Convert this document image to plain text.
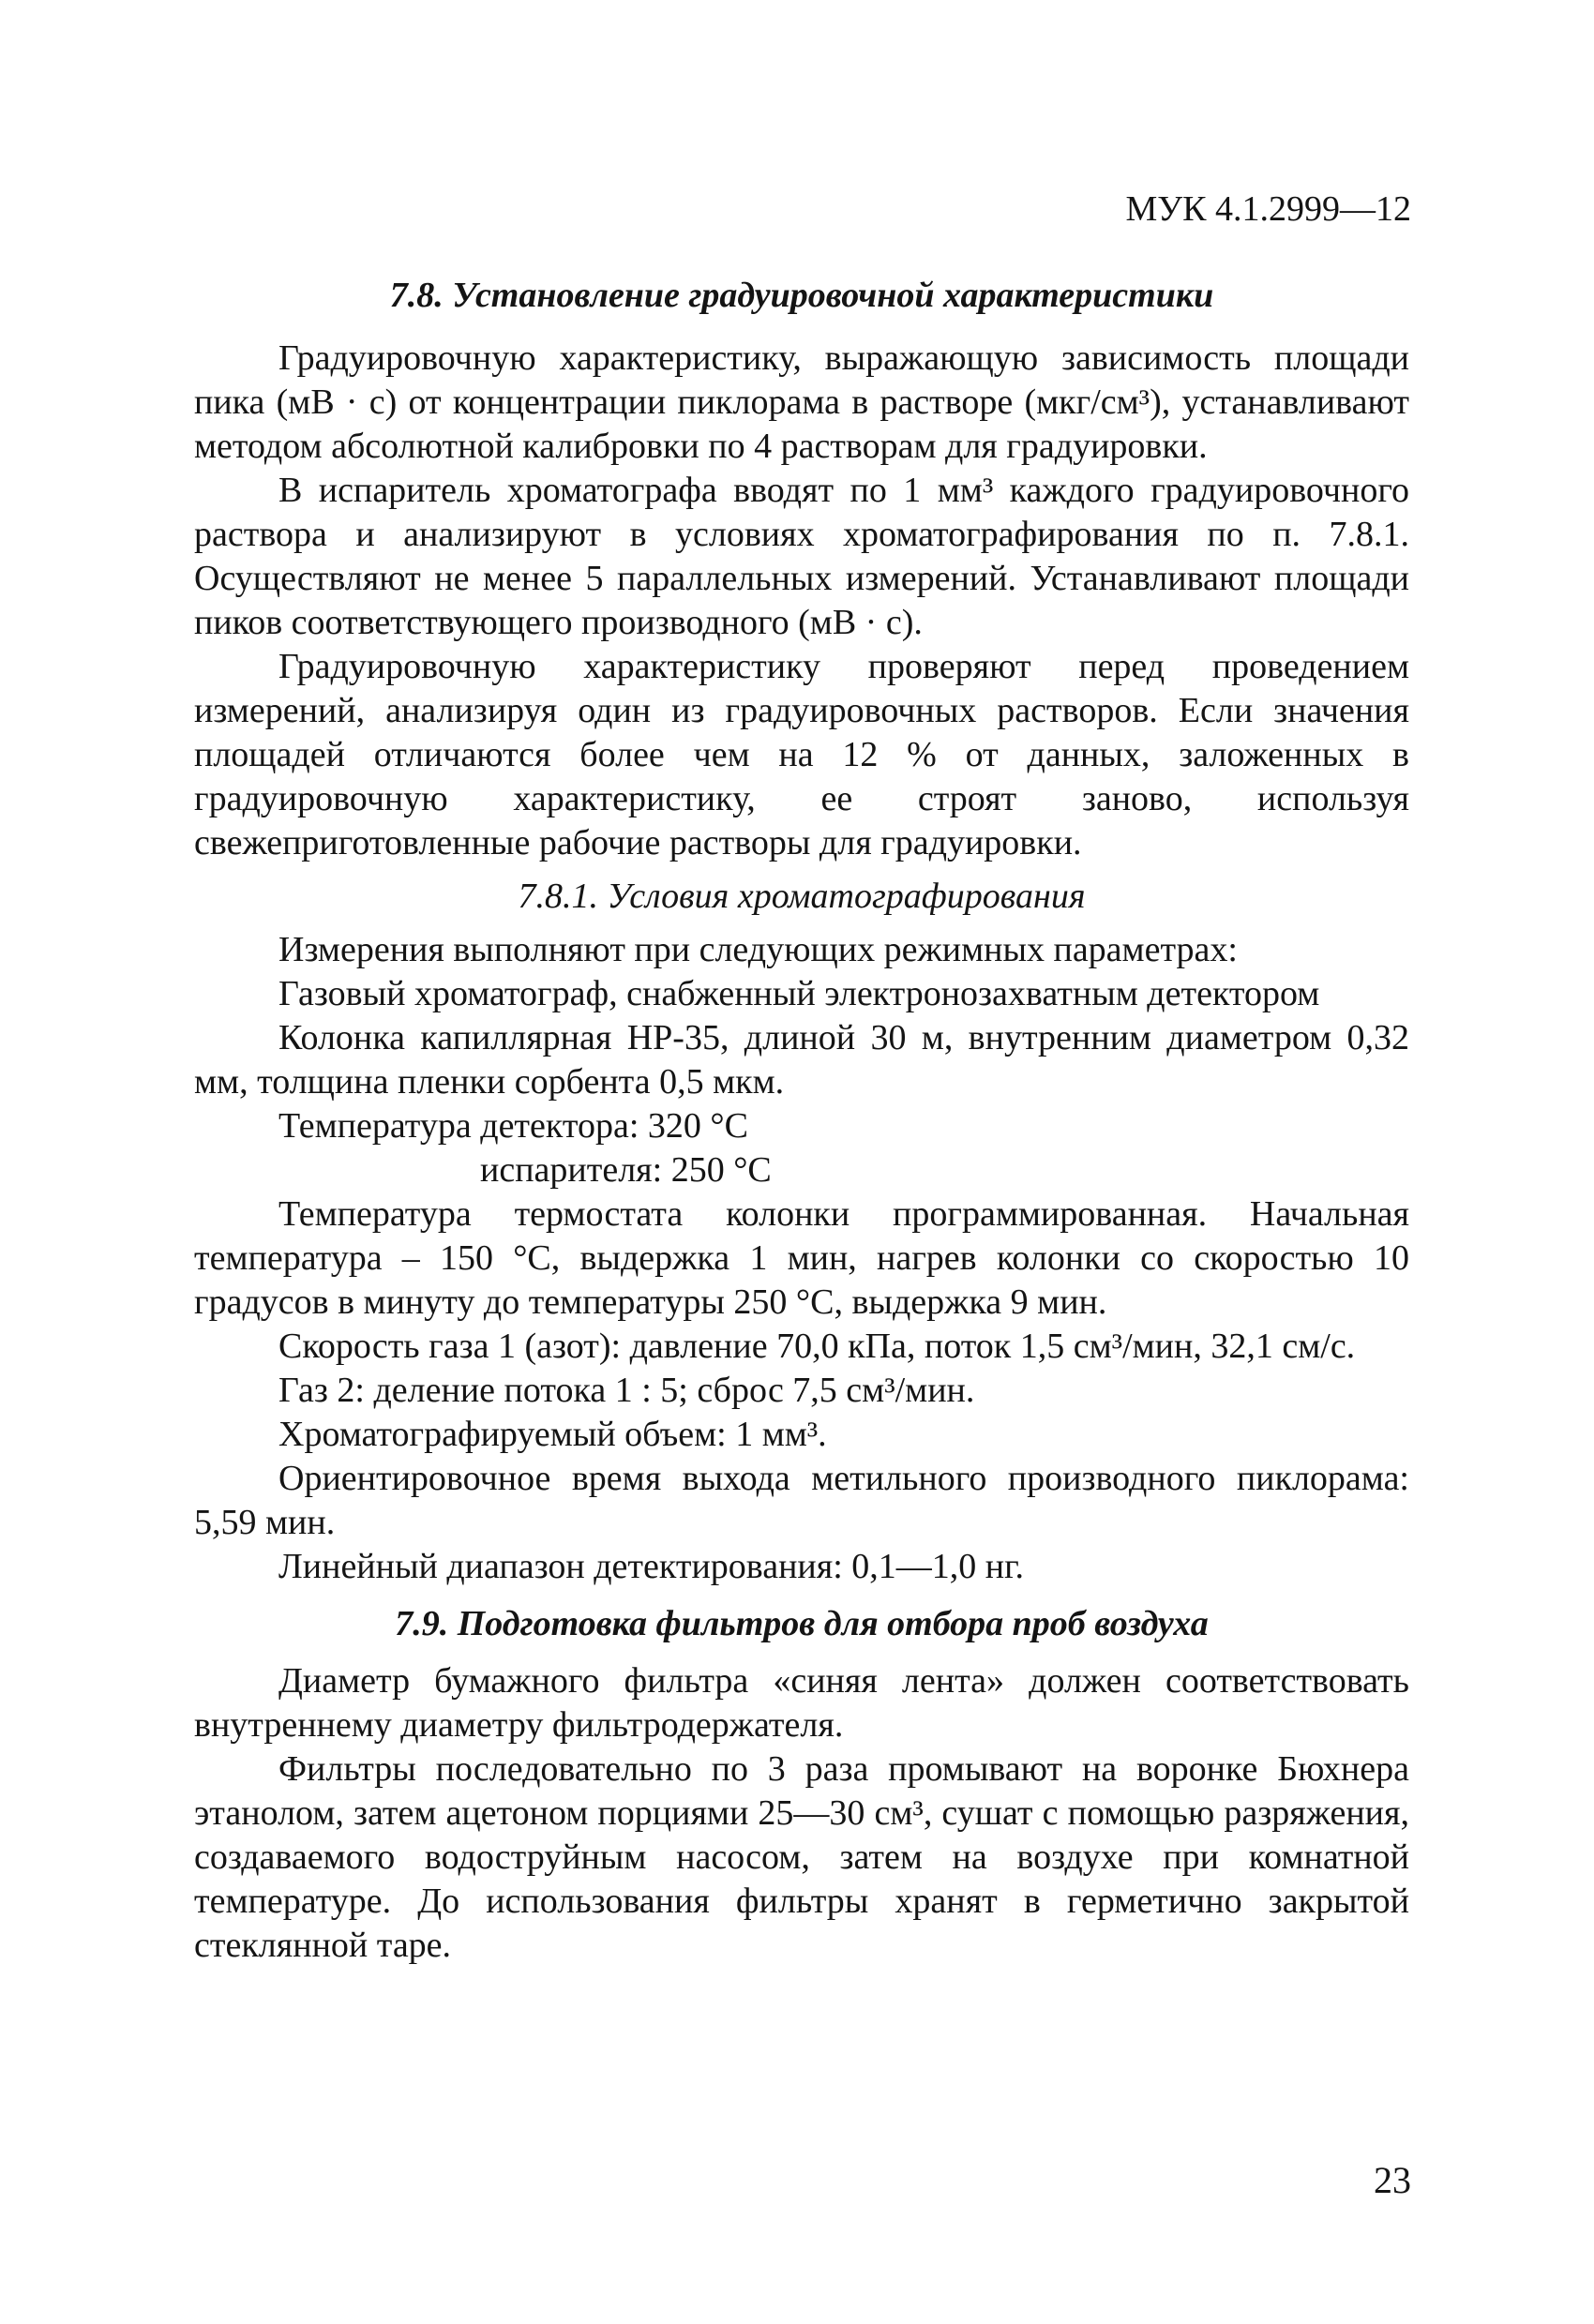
МУК 4.1.2999—12
7.8. Установление градуировочной характеристики

Градуировочную характеристику, выражающую зависимость площади пика (мВ · с) от концентрации пиклорама в растворе (мкг/см³), устанавливают методом абсолютной калибровки по 4 растворам для градуировки.

В испаритель хроматографа вводят по 1 мм³ каждого градуировочного раствора и анализируют в условиях хроматографирования по п. 7.8.1. Осуществляют не менее 5 параллельных измерений. Устанавливают площади пиков соответствующего производного (мВ · с).

Градуировочную характеристику проверяют перед проведением измерений, анализируя один из градуировочных растворов. Если значения площадей отличаются более чем на 12 % от данных, заложенных в градуировочную характеристику, ее строят заново, используя свежеприготовленные рабочие растворы для градуировки.

7.8.1. Условия хроматографирования

Измерения выполняют при следующих режимных параметрах:

Газовый хроматограф, снабженный электронозахватным детектором

Колонка капиллярная НР-35, длиной 30 м, внутренним диаметром 0,32 мм, толщина пленки сорбента 0,5 мкм.

Температура детектора: 320 °С

испарителя: 250 °С

Температура термостата колонки программированная. Начальная температура – 150 °С, выдержка 1 мин, нагрев колонки со скоростью 10 градусов в минуту до температуры 250 °С, выдержка 9 мин.

Скорость газа 1 (азот): давление 70,0 кПа, поток 1,5 см³/мин, 32,1 см/с.

Газ 2: деление потока 1 : 5; сброс 7,5 см³/мин.

Хроматографируемый объем: 1 мм³.

Ориентировочное время выхода метильного производного пиклорама: 5,59 мин.

Линейный диапазон детектирования: 0,1—1,0 нг.

7.9. Подготовка фильтров для отбора проб воздуха

Диаметр бумажного фильтра «синяя лента» должен соответствовать внутреннему диаметру фильтродержателя.

Фильтры последовательно по 3 раза промывают на воронке Бюхнера этанолом, затем ацетоном порциями 25—30 см³, сушат с помощью разряжения, создаваемого водоструйным насосом, затем на воздухе при комнатной температуре. До использования фильтры хранят в герметично закрытой стеклянной таре.

23
